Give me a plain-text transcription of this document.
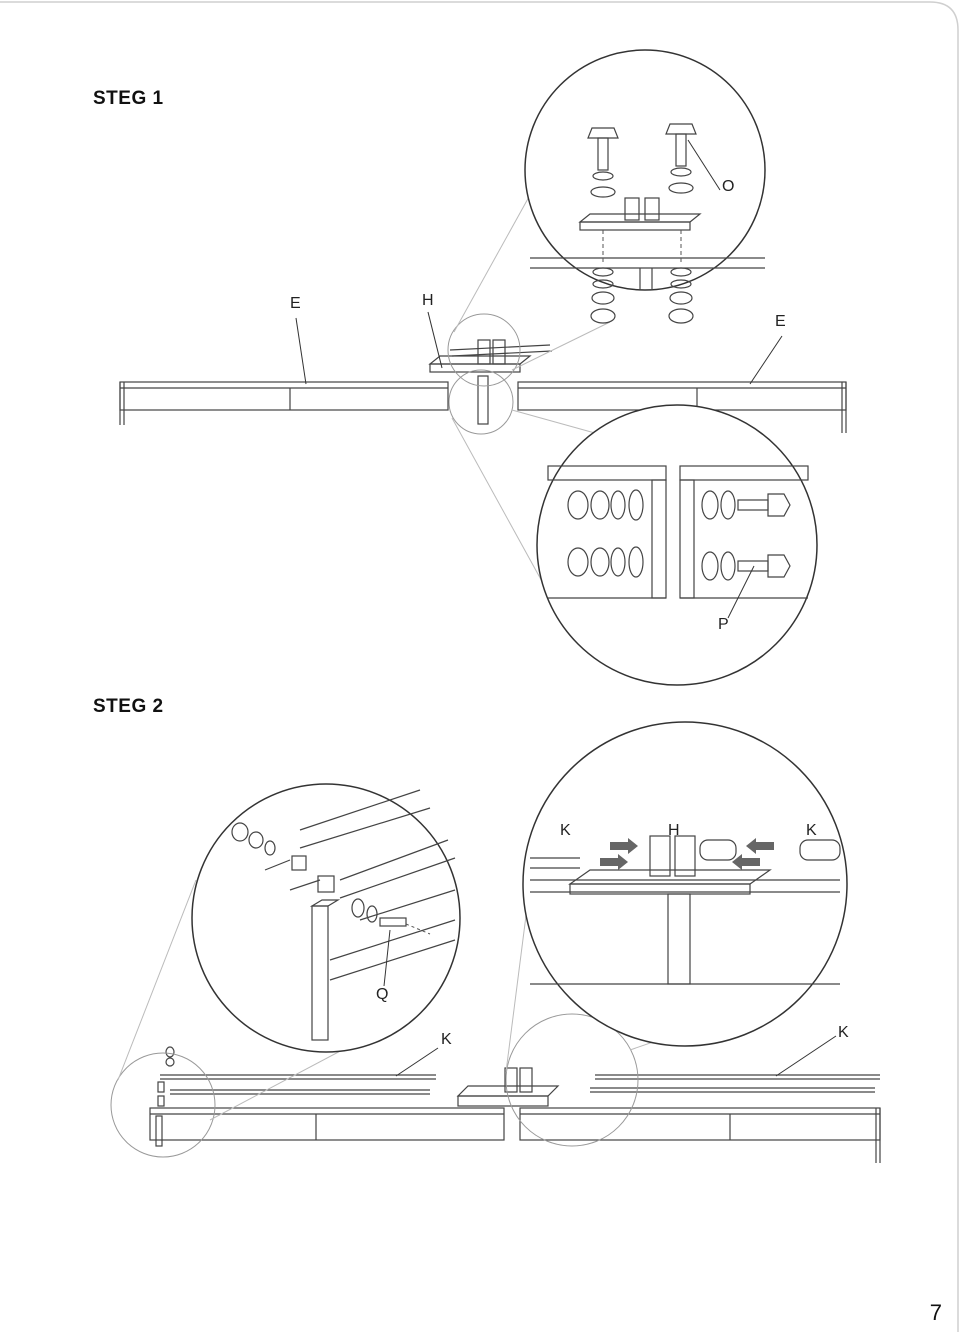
STEG 1
STEG 2
E	H
E
O
P
K	H	K
Q
K	K
7
